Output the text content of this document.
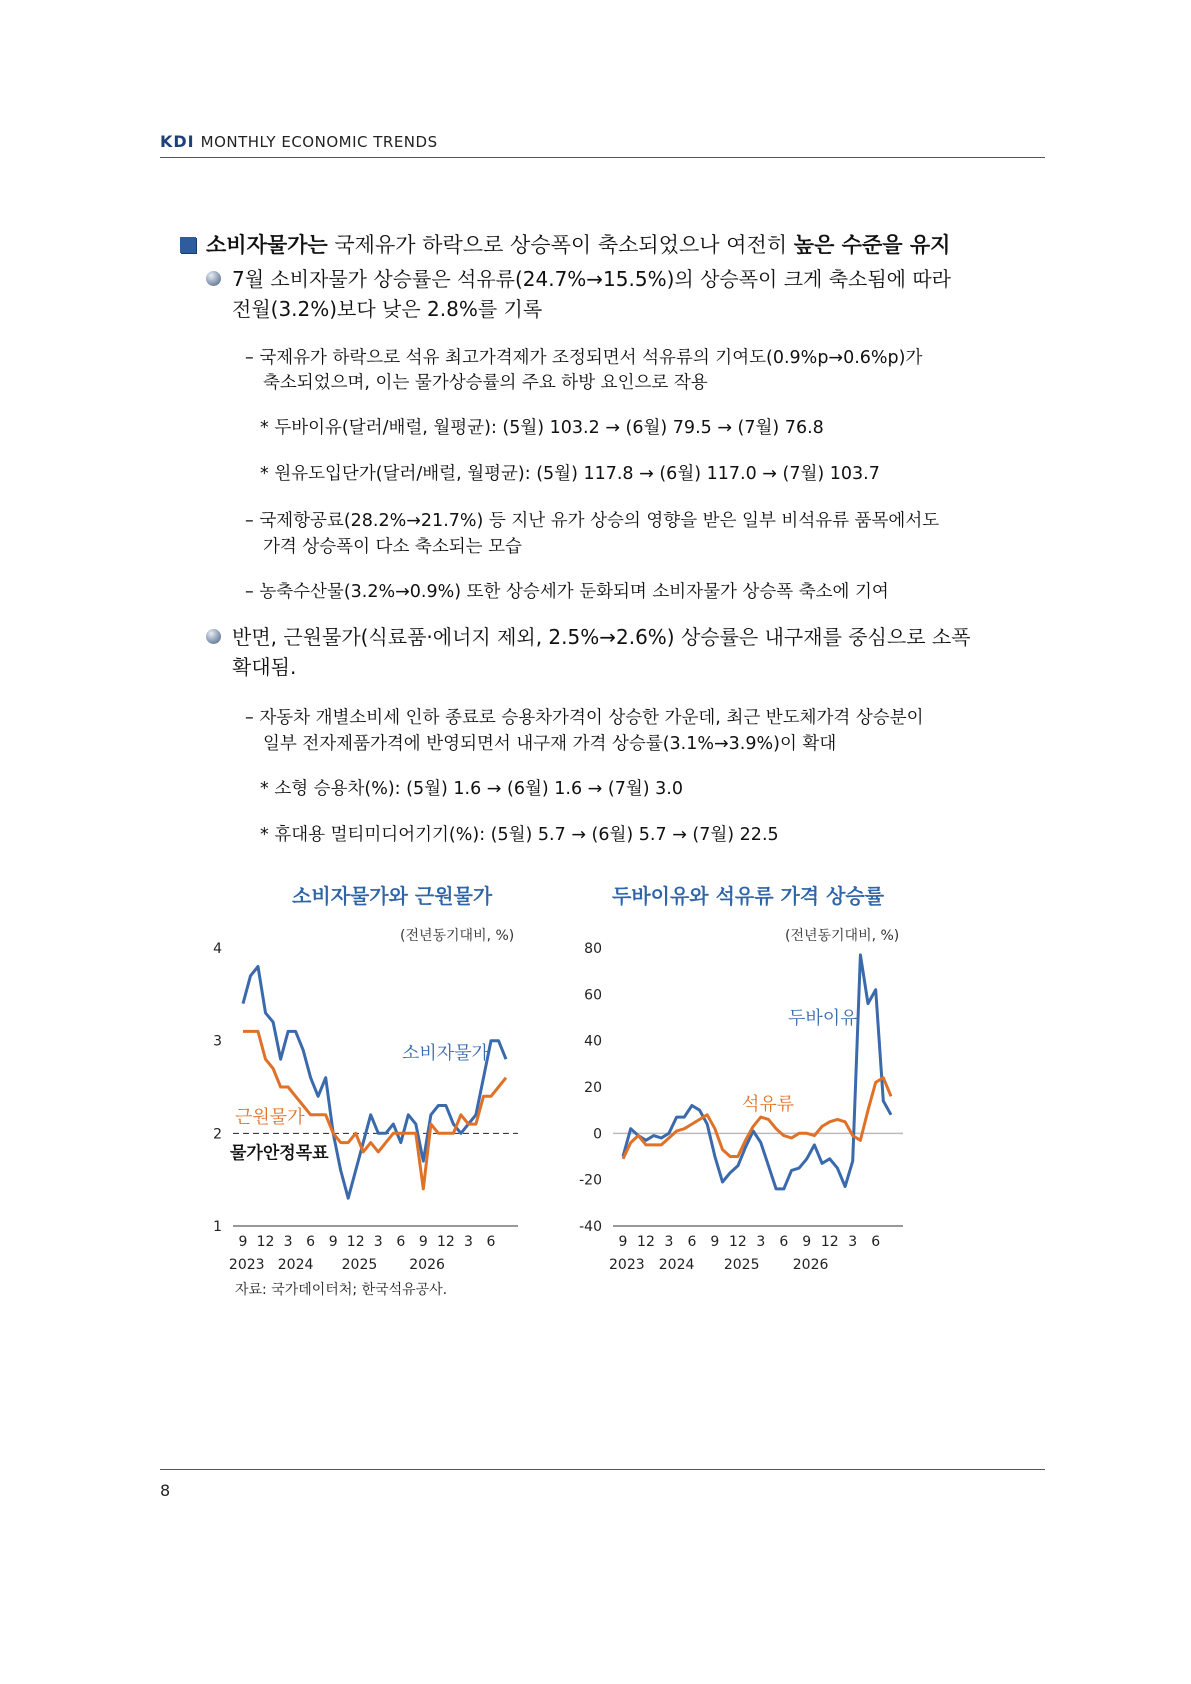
KDI MONTHLY ECONOMIC TRENDS
소비자물가는 국제유가 하락으로 상승폭이 축소되었으나 여전히 높은 수준을 유지
7월 소비자물가 상승률은 석유류(24.7%→15.5%)의 상승폭이 크게 축소됨에 따라
전월(3.2%)보다 낮은 2.8%를 기록
– 국제유가 하락으로 석유 최고가격제가 조정되면서 석유류의 기여도(0.9%p→0.6%p)가
축소되었으며, 이는 물가상승률의 주요 하방 요인으로 작용
* 두바이유(달러/배럴, 월평균): (5월) 103.2 → (6월) 79.5 → (7월) 76.8
* 원유도입단가(달러/배럴, 월평균): (5월) 117.8 → (6월) 117.0 → (7월) 103.7
– 국제항공료(28.2%→21.7%) 등 지난 유가 상승의 영향을 받은 일부 비석유류 품목에서도
가격 상승폭이 다소 축소되는 모습
– 농축수산물(3.2%→0.9%) 또한 상승세가 둔화되며 소비자물가 상승폭 축소에 기여
반면, 근원물가(식료품·에너지 제외, 2.5%→2.6%) 상승률은 내구재를 중심으로 소폭
확대됨.
– 자동차 개별소비세 인하 종료로 승용차가격이 상승한 가운데, 최근 반도체가격 상승분이
일부 전자제품가격에 반영되면서 내구재 가격 상승률(3.1%→3.9%)이 확대
* 소형 승용차(%): (5월) 1.6 → (6월) 1.6 → (7월) 3.0
* 휴대용 멀티미디어기기(%): (5월) 5.7 → (6월) 5.7 → (7월) 22.5
소비자물가와 근원물가
(전년동기대비, %)
1
2
3
4
물가안정목표
9 12 3 6 9 12 3 6 9 12 3 6
2023 2024 2025 2026
소비자물가
근원물가
두바이유와 석유류 가격 상승률
(전년동기대비, %)
-40
-20
0
20
40
60
80
9 12 3 6 9 12 3 6 9 12 3 6
2023 2024 2025 2026
두바이유
석유류
자료: 국가데이터처; 한국석유공사.
8
